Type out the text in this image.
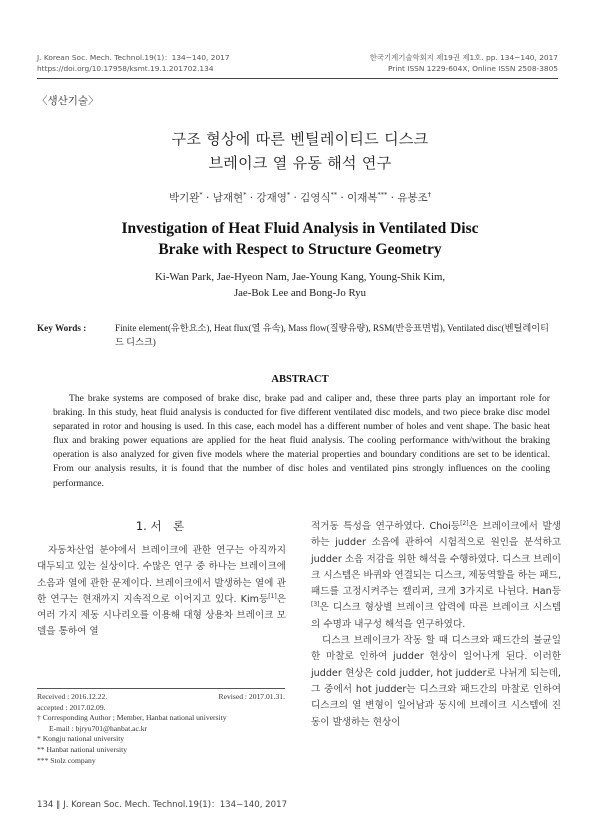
J. Korean Soc. Mech. Technol.19(1)：134−140, 2017
https://doi.org/10.17958/ksmt.19.1.201702.134
한국기계기술학회지 제19권 제1호. pp. 134−140, 2017
Print ISSN 1229-604X, Online ISSN 2508-3805
〈생산기술〉
구조 형상에 따른 벤틸레이티드 디스크
브레이크 열 유동 해석 연구
박기완* · 남재현* · 강재영* · 김영식** · 이재복*** · 유봉조†
Investigation of Heat Fluid Analysis in Ventilated Disc
Brake with Respect to Structure Geometry
Ki-Wan Park, Jae-Hyeon Nam, Jae-Young Kang, Young-Shik Kim,
Jae-Bok Lee and Bong-Jo Ryu
Key Words :	Finite element(유한요소), Heat flux(열 유속), Mass flow(질량유량), RSM(반응표면법), Ventilated disc(벤틸레이티드 디스크)
ABSTRACT

The brake systems are composed of brake disc, brake pad and caliper and, these three parts play an important role for braking. In this study, heat fluid analysis is conducted for five different ventilated disc models, and two piece brake disc model separated in rotor and housing is used. In this case, each model has a different number of holes and vent shape. The basic heat flux and braking power equations are applied for the heat fluid analysis. The cooling performance with/without the braking operation is also analyzed for given five models where the material properties and boundary conditions are set to be identical. From our analysis results, it is found that the number of disc holes and ventilated pins strongly influences on the cooling performance.

1. 서　론

자동차산업 분야에서 브레이크에 관한 연구는 아직까지 대두되고 있는 실상이다. 수많은 연구 중 하나는 브레이크에 소음과 열에 관한 문제이다. 브레이크에서 발생하는 열에 관한 연구는 현재까지 지속적으로 이어지고 있다. Kim등[1]은 여러 가지 제동 시나리오를 이용해 대형 상용차 브레이크 모델을 통하여 열

Received : 2016.12.22.	Revised : 2017.01.31.
accepted : 2017.02.09.
† Corresponding Author ; Member, Hanbat national university
E-mail : bjryu701@hanbat.ac.kr
* Kongju national university
** Hanbat national university
*** Stolz company

적거동 특성을 연구하였다. Choi등[2]은 브레이크에서 발생하는 judder 소음에 관하여 시험적으로 원인을 분석하고 judder 소음 저감을 위한 해석을 수행하였다. 디스크 브레이크 시스템은 바퀴와 연결되는 디스크, 제동역할을 하는 패드, 패드를 고정시켜주는 캘리퍼, 크게 3가지로 나뉜다. Han등[3]은 디스크 형상별 브레이크 압력에 따른 브레이크 시스템의 수명과 내구성 해석을 연구하였다.

디스크 브레이크가 작동 할 때 디스크와 패드간의 불균일한 마찰로 인하여 judder 현상이 일어나게 된다. 이러한 judder 현상은 cold judder, hot judder로 나뉘게 되는데, 그 중에서 hot judder는 디스크와 패드간의 마찰로 인하여 디스크의 열 변형이 일어남과 동시에 브레이크 시스템에 진동이 발생하는 현상이

134 ∥ J. Korean Soc. Mech. Technol.19(1)：134−140, 2017
